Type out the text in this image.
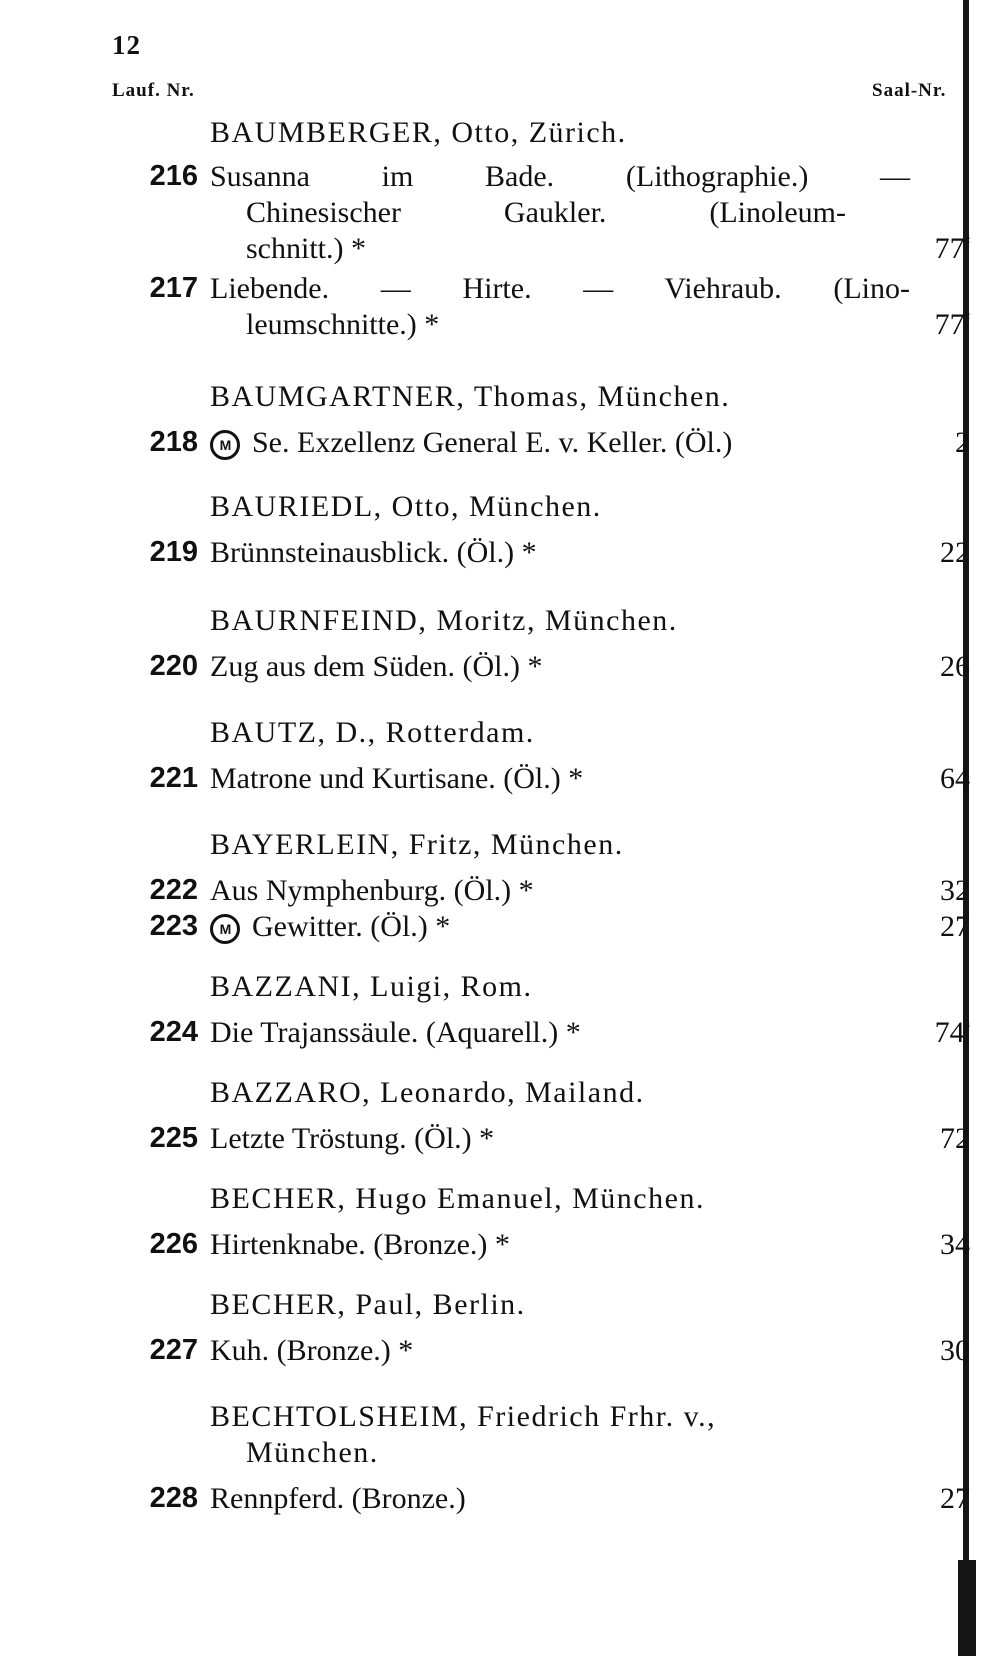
12
Lauf. Nr.	Saal-Nr.
BAUMBERGER, Otto, Zürich.
216 Susanna im Bade. (Lithographie.) —
Chinesischer Gaukler. (Linoleum-
schnitt.) *	77$^c$
217 Liebende. — Hirte. — Viehraub. (Lino-
leumschnitte.) *	77$^c$
BAUMGARTNER, Thomas, München.
218	M Se. Exzellenz General E. v. Keller. (Öl.)	2
BAURIEDL, Otto, München.
219 Brünnsteinausblick. (Öl.) *	22
BAURNFEIND, Moritz, München.
220 Zug aus dem Süden. (Öl.) *	26
BAUTZ, D., Rotterdam.
221 Matrone und Kurtisane. (Öl.) *	64
BAYERLEIN, Fritz, München.
222 Aus Nymphenburg. (Öl.) *	32
223	M Gewitter. (Öl.) *	27
BAZZANI, Luigi, Rom.
224 Die Trajanssäule. (Aquarell.) *	74$^a$
BAZZARO, Leonardo, Mailand.
225 Letzte Tröstung. (Öl.) *	72
BECHER, Hugo Emanuel, München.
226 Hirtenknabe. (Bronze.) *	34
BECHER, Paul, Berlin.
227 Kuh. (Bronze.) *	30
BECHTOLSHEIM, Friedrich Frhr. v.,
München.
228 Rennpferd. (Bronze.)	27
